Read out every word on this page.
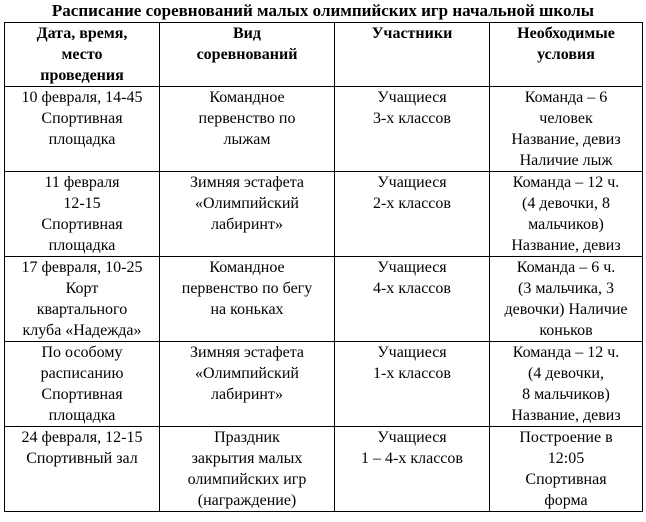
Расписание соревнований малых олимпийских игр начальной школы
Дата, время,
место
проведения	Вид
соревнований	Участники	Необходимые
условия

10 февраля, 14-45
Спортивная
площадка	Командное
первенство по
лыжам	Учащиеся
3-х классов	Команда – 6
человек
Название, девиз
Наличие лыж

11 февраля
12-15
Спортивная
площадка	Зимняя эстафета
«Олимпийский
лабиринт»	Учащиеся
2-х классов	Команда – 12 ч.
(4 девочки, 8
мальчиков)
Название, девиз

17 февраля, 10-25
Корт
квартального
клуба «Надежда»	Командное
первенство по бегу
на коньках	Учащиеся
4-х классов	Команда – 6 ч.
(3 мальчика, 3
девочки) Наличие
коньков

По особому
расписанию
Спортивная
площадка	Зимняя эстафета
«Олимпийский
лабиринт»	Учащиеся
1-х классов	Команда – 12 ч.
(4 девочки,
8 мальчиков)
Название, девиз

24 февраля, 12-15
Спортивный зал	Праздник
закрытия малых
олимпийских игр
(награждение)	Учащиеся
1 – 4-х классов	Построение в
12:05
Спортивная
форма
